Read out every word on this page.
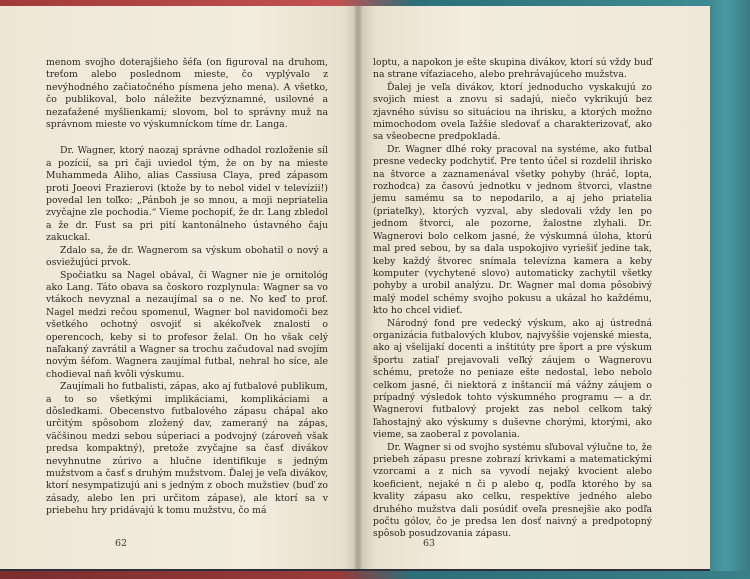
menom svojho doterajšieho šéfa (on figuroval na druhom, treťom alebo poslednom mieste, čo vyplývalo z nevýhodného začiatočného písmena jeho mena). A všetko, čo publikoval, bolo náležite bezvýznamné, usilovné a nezaťažené myšlienkami; slovom, bol to správny muž na správnom mieste vo výskumníckom tíme dr. Langa.

Dr. Wagner, ktorý naozaj správne odhadol rozloženie síl a pozícií, sa pri čaji uviedol tým, že on by na mieste Muhammeda Aliho, alias Cassiusa Claya, pred zápasom proti Joeovi Frazierovi (ktože by to nebol videl v televízii!) povedal len toľko: „Pánboh je so mnou, a moji nepriatelia zvyčajne zle pochodia.“ Vieme pochopiť, že dr. Lang zbledol a že dr. Fust sa pri pití kantonálneho ústavného čaju zakuckal.

Zdalo sa, že dr. Wagnerom sa výskum obohatil o nový a osviežujúci prvok.

Spočiatku sa Nagel obával, či Wagner nie je ornitológ ako Lang. Táto obava sa čoskoro rozplynula: Wagner sa vo vtákoch nevyznal a nezaujímal sa o ne. No keď to prof. Nagel medzi rečou spomenul, Wagner bol navidomoči bez všetkého ochotný osvojiť si akékoľvek znalosti o operencoch, keby si to profesor želal. On ho však celý naľakaný zavrátil a Wagner sa trochu začudoval nad svojím novým šéfom. Wagnera zaujímal futbal, nehral ho síce, ale chodieval naň kvôli výskumu.

Zaujímali ho futbalisti, zápas, ako aj futbalové publikum, a to so všetkými implikáciami, komplikáciami a dôsledkami. Obecenstvo futbalového zápasu chápal ako určitým spôsobom zložený dav, zameraný na zápas, väčšinou medzi sebou súperiaci a podvojný (zároveň však predsa kompaktný), pretože zvyčajne sa časť divákov nevyhnutne zúrivo a hlučne identifikuje s jedným mužstvom a časť s druhým mužstvom. Ďalej je veľa divákov, ktorí nesympatizujú ani s jedným z oboch mužstiev (buď zo zásady, alebo len pri určitom zápase), ale ktorí sa v priebehu hry pridávajú k tomu mužstvu, čo má

loptu, a napokon je ešte skupina divákov, ktorí sú vždy buď na strane víťaziaceho, alebo prehrávajúceho mužstva.

Ďalej je veľa divákov, ktorí jednoducho vyskakujú zo svojich miest a znovu si sadajú, niečo vykrikujú bez zjavného súvisu so situáciou na ihrisku, a ktorých možno mimochodom ovela ľažšie sledovať a charakterizovať, ako sa všeobecne predpokladá.

Dr. Wagner dlhé roky pracoval na systéme, ako futbal presne vedecky podchytiť. Pre tento účel si rozdelil ihrisko na štvorce a zaznamenával všetky pohyby (hráč, lopta, rozhodca) za časovú jednotku v jednom štvorci, vlastne jemu samému sa to nepodarilo, a aj jeho priatelia (priateľky), ktorých vyzval, aby sledovali vždy len po jednom štvorci, ale pozorne, žalostne zlyhali. Dr. Wagnerovi bolo celkom jasné, že výskumná úloha, ktorú mal pred sebou, by sa dala uspokojivo vyriešiť jedine tak, keby každý štvorec snímala televízna kamera a keby komputer (vychytené slovo) automaticky zachytil všetky pohyby a urobil analýzu. Dr. Wagner mal doma pôsobivý malý model schémy svojho pokusu a ukázal ho každému, kto ho chcel vidieť.

Národný fond pre vedecký výskum, ako aj ústredná organizácia futbalových klubov, najvyššie vojenské miesta, ako aj všelijakí docenti a inštitúty pre šport a pre výskum športu zatiaľ prejavovali veľký záujem o Wagnerovu schému, pretože no peniaze ešte nedostal, lebo nebolo celkom jasné, či niektorá z inštancií má vážny záujem o prípadný výsledok tohto výskumného programu — a dr. Wagnerovi futbalový projekt zas nebol celkom taký ľahostajný ako výskumy s duševne chorými, ktorými, ako vieme, sa zaoberal z povolania.

Dr. Wagner si od svojho systému sľuboval výlučne to, že priebeh zápasu presne zobrazí krivkami a matematickými vzorcami a z nich sa vyvodí nejaký kvocient alebo koeficient, nejaké n či p alebo q, podľa ktorého by sa kvality zápasu ako celku, respektíve jedného alebo druhého mužstva dali posúdiť oveľa presnejšie ako podľa počtu gólov, čo je predsa len dosť naivný a predpotopný spôsob posudzovania zápasu.

62	63
